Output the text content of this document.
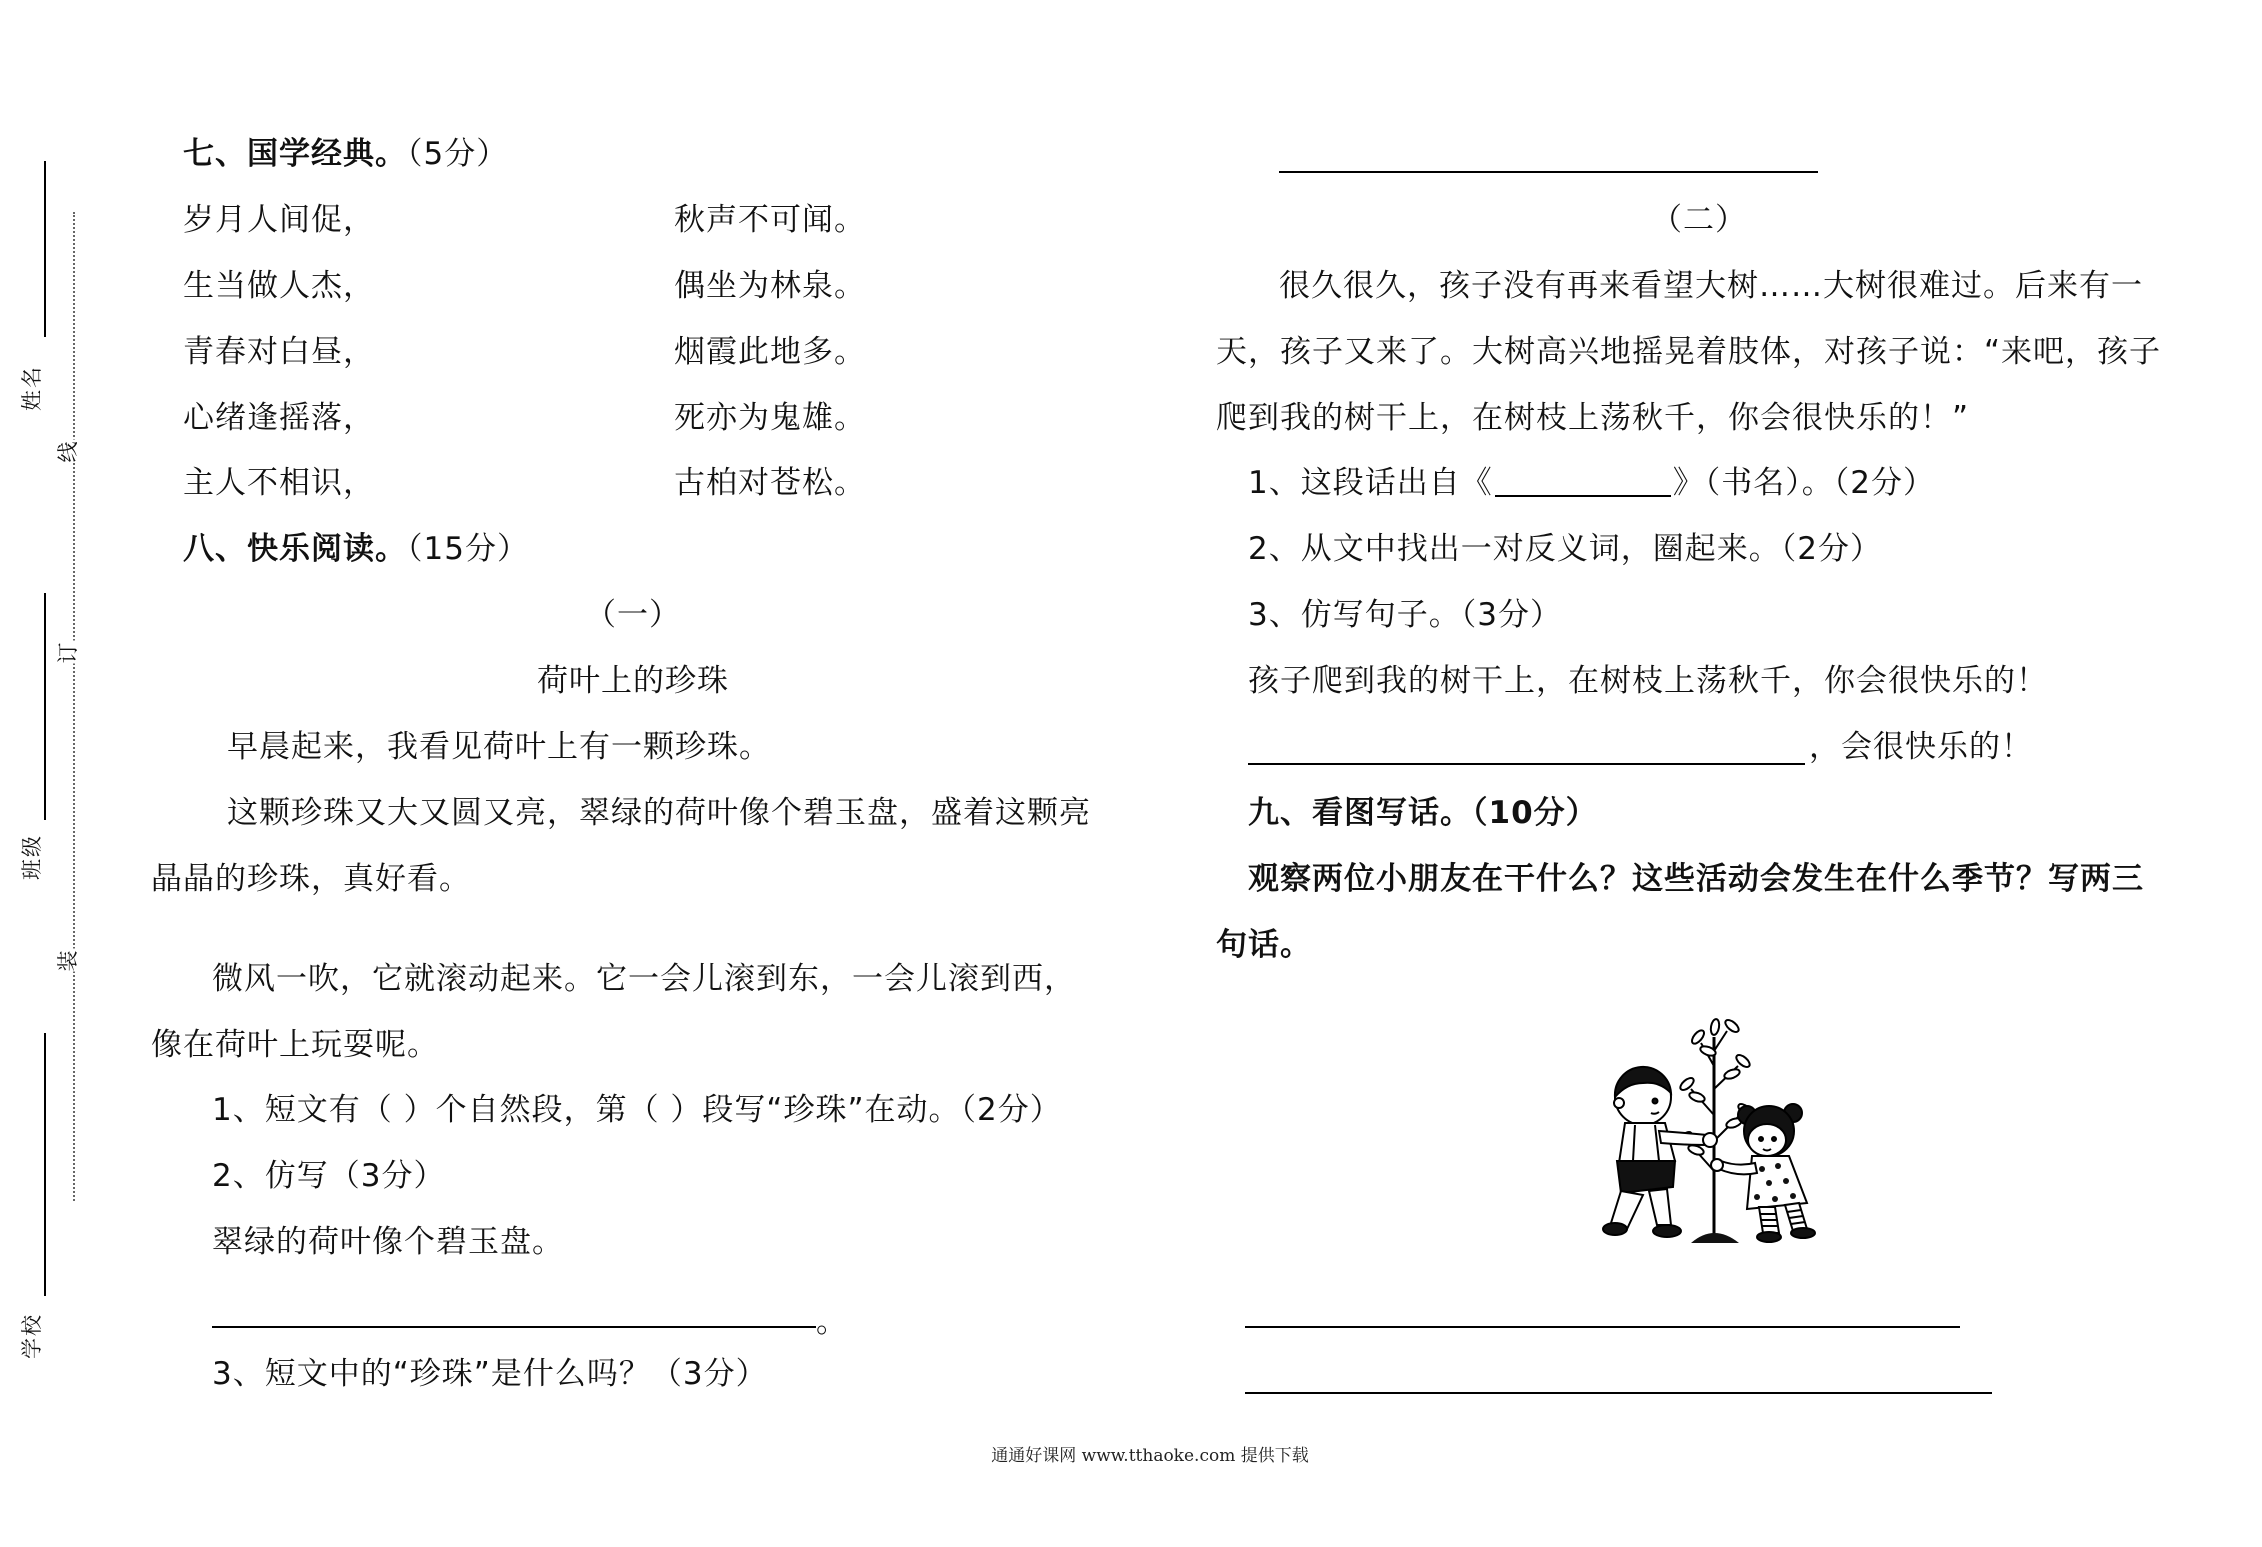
姓名
线
订
班级
装
学校
七、国学经典。（5分）
岁月人间促，	秋声不可闻。
生当做人杰，	偶坐为林泉。
青春对白昼，	烟霞此地多。
心绪逢摇落，	死亦为鬼雄。
主人不相识，	古柏对苍松。
八、快乐阅读。（15分）
（一）
荷叶上的珍珠
早晨起来，我看见荷叶上有一颗珍珠。
这颗珍珠又大又圆又亮，翠绿的荷叶像个碧玉盘，盛着这颗亮
晶晶的珍珠，真好看。
微风一吹，它就滚动起来。它一会儿滚到东，一会儿滚到西，
像在荷叶上玩耍呢。
1、短文有（ ）个自然段，第（ ）段写“珍珠”在动。（2分）
2、仿写（3分）
翠绿的荷叶像个碧玉盘。
。
3、短文中的“珍珠”是什么吗？（3分）
（二）
很久很久，孩子没有再来看望大树……大树很难过。后来有一
天，孩子又来了。大树高兴地摇晃着肢体，对孩子说：“来吧，孩子
爬到我的树干上，在树枝上荡秋千，你会很快乐的！”
1、这段话出自《	》（书名）。（2分）
2、从文中找出一对反义词，圈起来。（2分）
3、仿写句子。（3分）
孩子爬到我的树干上，在树枝上荡秋千，你会很快乐的！
，会很快乐的！
九、看图写话。（10分）
观察两位小朋友在干什么？这些活动会发生在什么季节？写两三
句话。
通通好课网 www.tthaoke.com 提供下载
